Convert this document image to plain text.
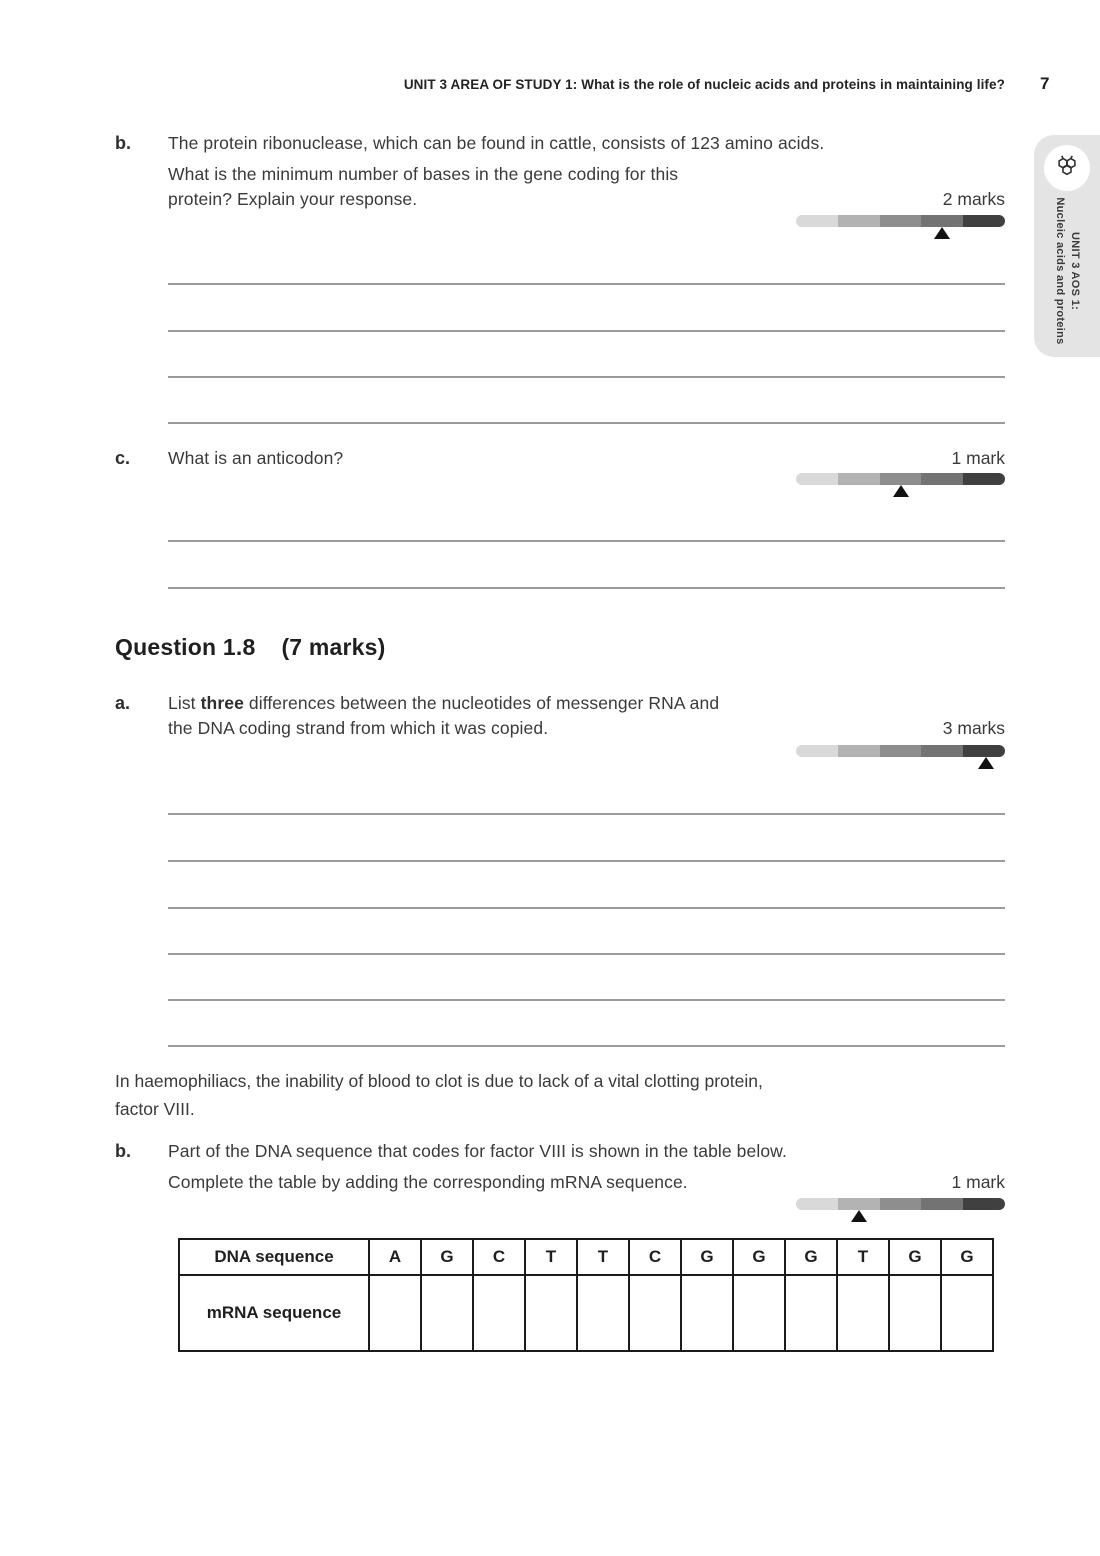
UNIT 3 AREA OF STUDY 1: What is the role of nucleic acids and proteins in maintaining life? 7
UNIT 3 AOS 1:
Nucleic acids and proteins
b. The protein ribonuclease, which can be found in cattle, consists of 123 amino acids.
What is the minimum number of bases in the gene coding for this
protein? Explain your response.	2 marks
c. What is an anticodon?	1 mark
Question 1.8 (7 marks)
a. List three differences between the nucleotides of messenger RNA and
the DNA coding strand from which it was copied.	3 marks
In haemophiliacs, the inability of blood to clot is due to lack of a vital clotting protein,
factor VIII.
b. Part of the DNA sequence that codes for factor VIII is shown in the table below.
Complete the table by adding the corresponding mRNA sequence.	1 mark
DNA sequence	A	G	C	T	T	C	G	G	G	T	G	G
mRNA sequence												
